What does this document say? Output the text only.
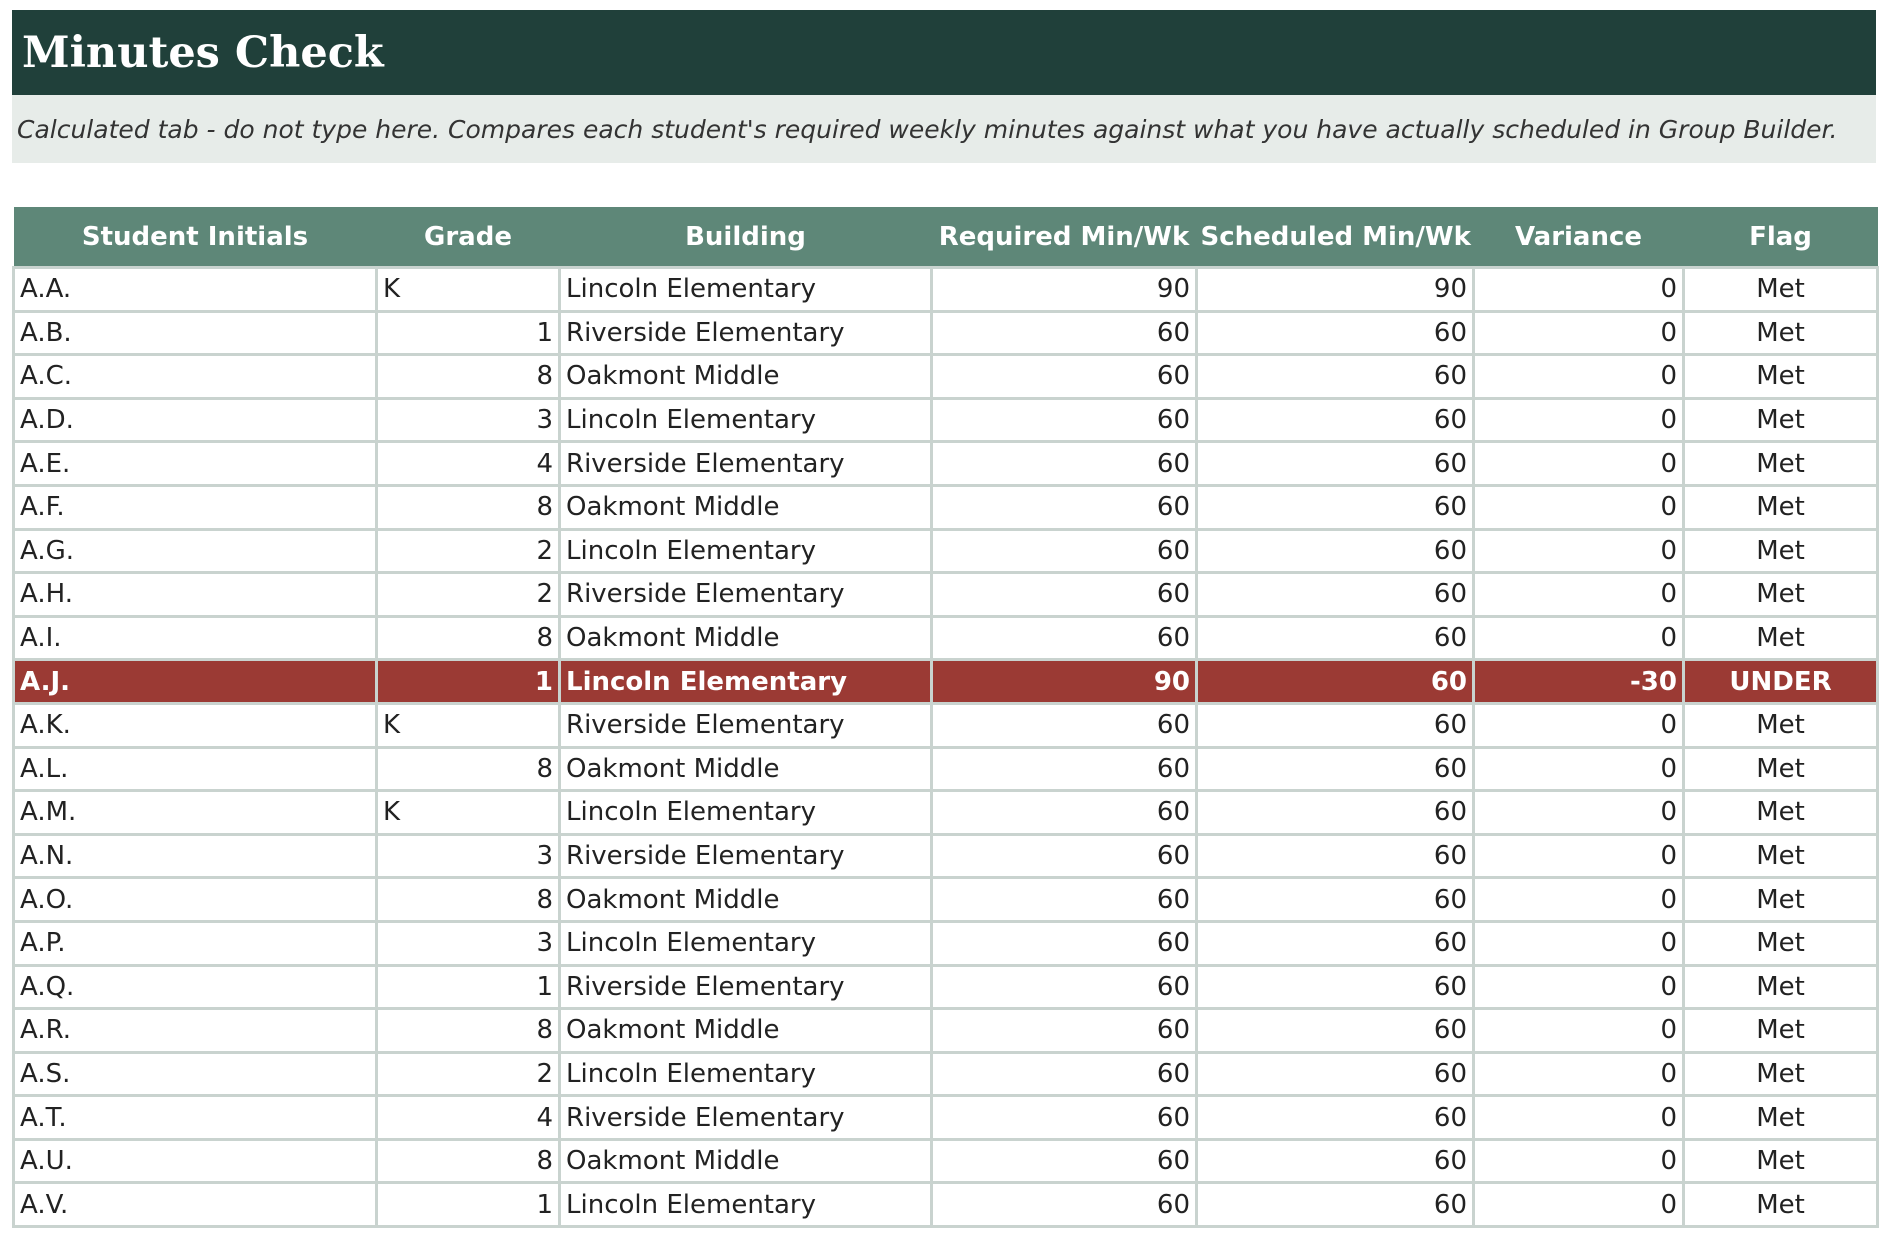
Minutes Check
Calculated tab - do not type here. Compares each student's required weekly minutes against what you have actually scheduled in Group Builder.
Student Initials	Grade	Building	Required Min/Wk	Scheduled Min/Wk	Variance	Flag
A.A.	K	Lincoln Elementary	90	90	0	Met
A.B.	1	Riverside Elementary	60	60	0	Met
A.C.	8	Oakmont Middle	60	60	0	Met
A.D.	3	Lincoln Elementary	60	60	0	Met
A.E.	4	Riverside Elementary	60	60	0	Met
A.F.	8	Oakmont Middle	60	60	0	Met
A.G.	2	Lincoln Elementary	60	60	0	Met
A.H.	2	Riverside Elementary	60	60	0	Met
A.I.	8	Oakmont Middle	60	60	0	Met
A.J.	1	Lincoln Elementary	90	60	-30	UNDER
A.K.	K	Riverside Elementary	60	60	0	Met
A.L.	8	Oakmont Middle	60	60	0	Met
A.M.	K	Lincoln Elementary	60	60	0	Met
A.N.	3	Riverside Elementary	60	60	0	Met
A.O.	8	Oakmont Middle	60	60	0	Met
A.P.	3	Lincoln Elementary	60	60	0	Met
A.Q.	1	Riverside Elementary	60	60	0	Met
A.R.	8	Oakmont Middle	60	60	0	Met
A.S.	2	Lincoln Elementary	60	60	0	Met
A.T.	4	Riverside Elementary	60	60	0	Met
A.U.	8	Oakmont Middle	60	60	0	Met
A.V.	1	Lincoln Elementary	60	60	0	Met
